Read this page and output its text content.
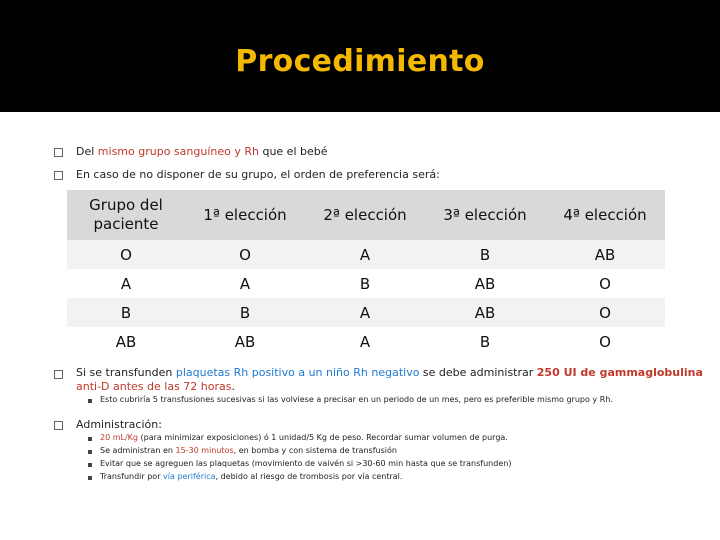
Procedimiento
Del mismo grupo sanguíneo y Rh que el bebé
En caso de no disponer de su grupo, el orden de preferencia será:
Grupo del paciente	1ª elección	2ª elección	3ª elección	4ª elección
O	O	A	B	AB
A	A	B	AB	O
B	B	A	AB	O
AB	AB	A	B	O
Si se transfunden plaquetas Rh positivo a un niño Rh negativo se debe administrar 250 UI de gammaglobulina
anti-D antes de las 72 horas.
Esto cubriría 5 transfusiones sucesivas si las volviese a precisar en un periodo de un mes, pero es preferible mismo grupo y Rh.
Administración:
20 mL/Kg (para minimizar exposiciones) ó 1 unidad/5 Kg de peso. Recordar sumar volumen de purga.
Se administran en 15-30 minutos, en bomba y con sistema de transfusión
Evitar que se agreguen las plaquetas (movimiento de vaivén si >30-60 min hasta que se transfunden)
Transfundir por vía periférica, debido al riesgo de trombosis por vía central.
